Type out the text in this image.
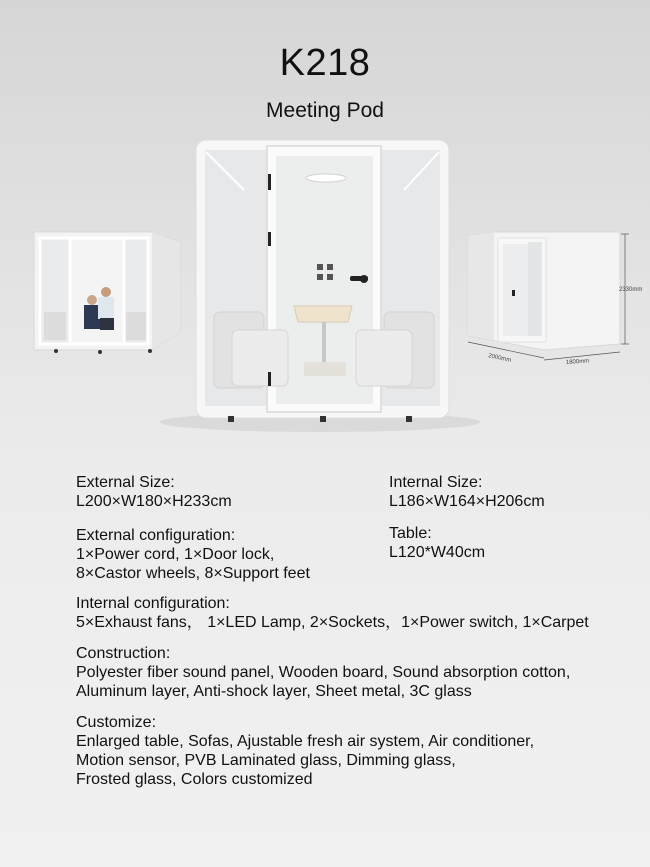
K218
Meeting Pod
2330mm
2000mm	1800mm
External Size:
L200×W180×H233cm
Internal Size:
L186×W164×H206cm
External configuration:
1×Power cord, 1×Door lock,
8×Castor wheels, 8×Support feet
Table:
L120*W40cm
Internal configuration:
5×Exhaust fans， 1×LED Lamp, 2×Sockets，1×Power switch, 1×Carpet
Construction:
Polyester fiber sound panel, Wooden board, Sound absorption cotton,
Aluminum layer, Anti-shock layer, Sheet metal, 3C glass
Customize:
Enlarged table, Sofas, Ajustable fresh air system, Air conditioner,
Motion sensor, PVB Laminated glass, Dimming glass,
Frosted glass, Colors customized
